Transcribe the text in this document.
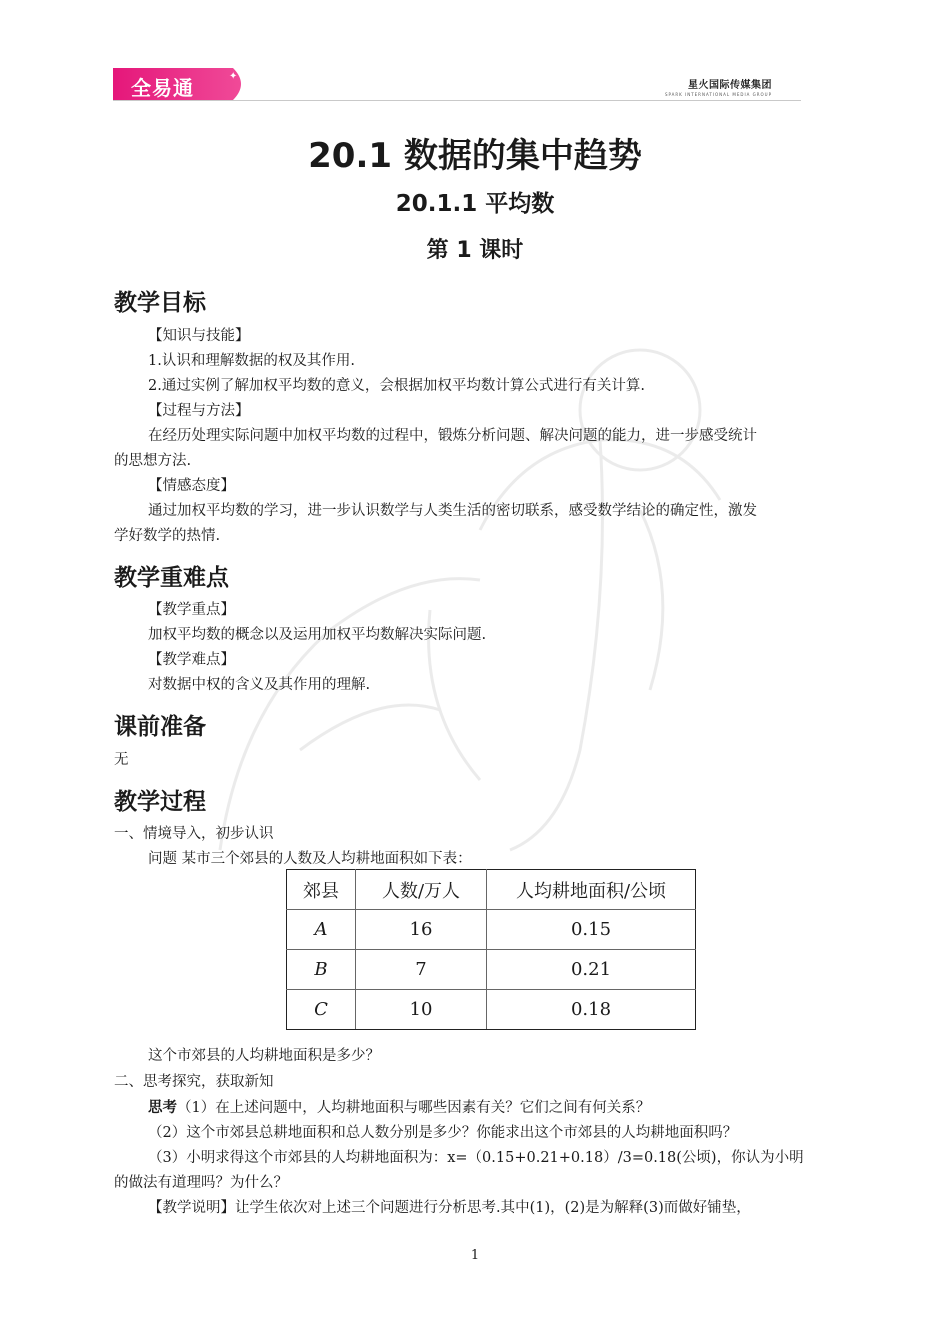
✦
全易通	星火国际传媒集团
SPARK INTERNATIONAL MEDIA GROUP
20.1 数据的集中趋势
20.1.1 平均数
第 1 课时
教学目标
【知识与技能】
1.认识和理解数据的权及其作用.
2.通过实例了解加权平均数的意义，会根据加权平均数计算公式进行有关计算.
【过程与方法】
在经历处理实际问题中加权平均数的过程中，锻炼分析问题、解决问题的能力，进一步感受统计
的思想方法.
【情感态度】
通过加权平均数的学习，进一步认识数学与人类生活的密切联系，感受数学结论的确定性，激发
学好数学的热情.
教学重难点
【教学重点】
加权平均数的概念以及运用加权平均数解决实际问题.
【教学难点】
对数据中权的含义及其作用的理解.
课前准备
无
教学过程
一、情境导入，初步认识
问题 某市三个郊县的人数及人均耕地面积如下表：
郊县	人数/万人	人均耕地面积/公顷
A	16	0.15
B	7	0.21
C	10	0.18
这个市郊县的人均耕地面积是多少？
二、思考探究，获取新知
思考（1）在上述问题中，人均耕地面积与哪些因素有关？它们之间有何关系？
（2）这个市郊县总耕地面积和总人数分别是多少？你能求出这个市郊县的人均耕地面积吗？
（3）小明求得这个市郊县的人均耕地面积为：x=（0.15+0.21+0.18）/3=0.18(公顷)，你认为小明
的做法有道理吗？为什么？
【教学说明】让学生依次对上述三个问题进行分析思考.其中(1)，(2)是为解释(3)而做好铺垫，
1
